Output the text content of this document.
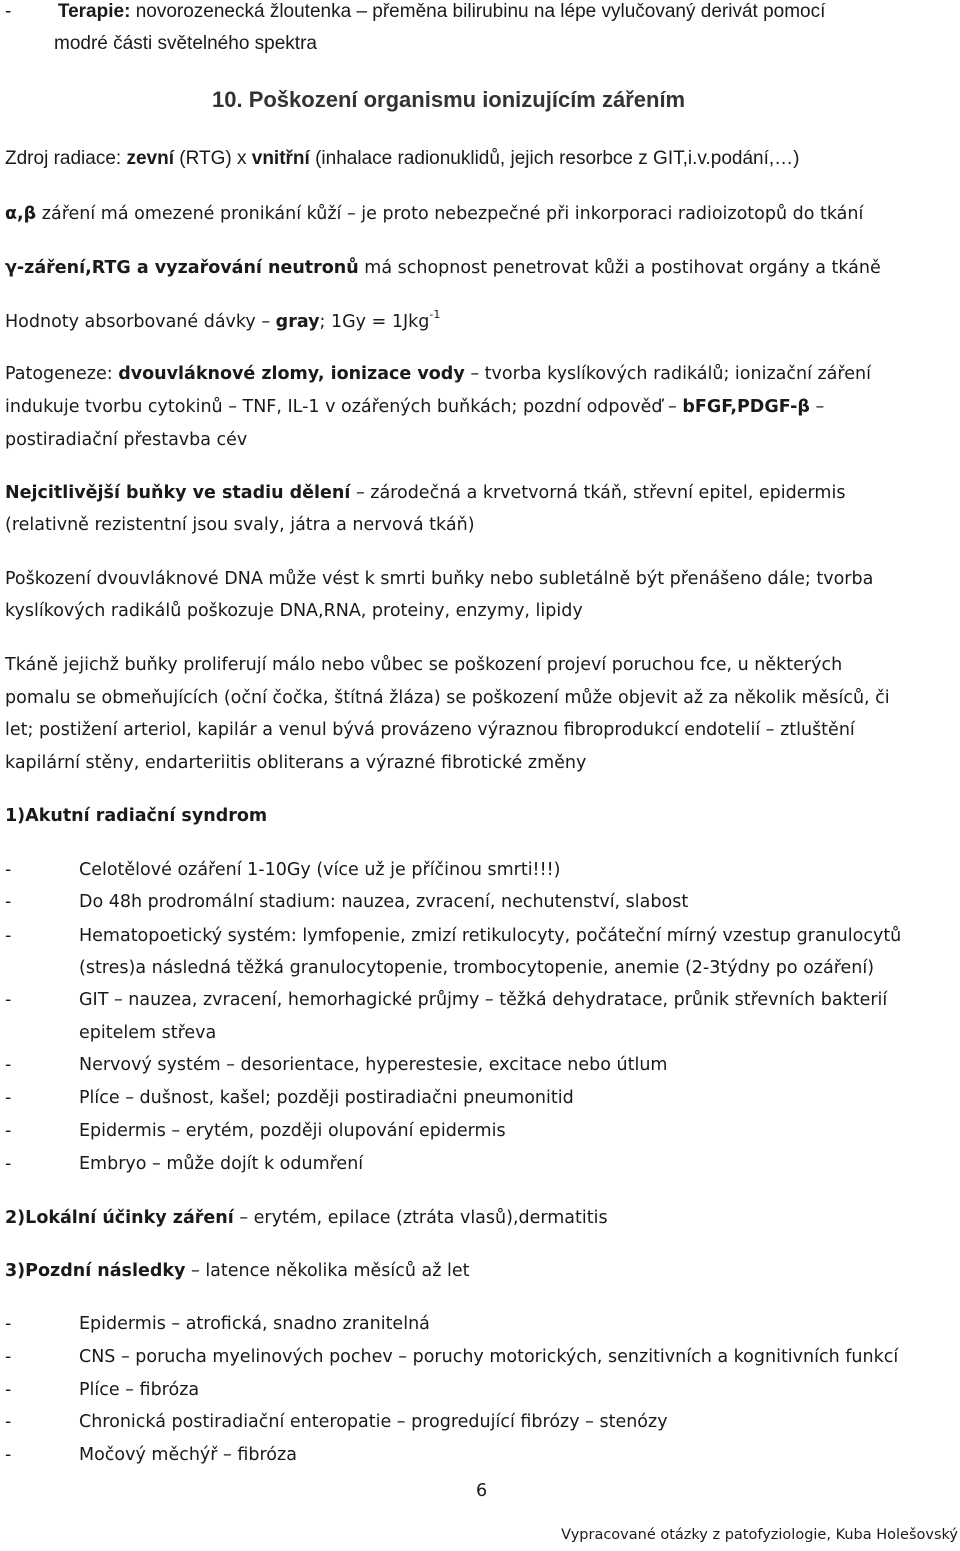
- Terapie: novorozenecká žloutenka – přeměna bilirubinu na lépe vylučovaný derivát pomocí
modré části světelného spektra
10. Poškození organismu ionizujícím zářením
Zdroj radiace: zevní (RTG) x vnitřní (inhalace radionuklidů, jejich resorbce z GIT,i.v.podání,…)
α,β záření má omezené pronikání kůží – je proto nebezpečné při inkorporaci radioizotopů do tkání
γ-záření,RTG a vyzařování neutronů má schopnost penetrovat kůži a postihovat orgány a tkáně
Hodnoty absorbované dávky – gray; 1Gy = 1Jkg$^{-1}$
Patogeneze: dvouvláknové zlomy, ionizace vody – tvorba kyslíkových radikálů; ionizační záření
indukuje tvorbu cytokinů – TNF, IL-1 v ozářených buňkách; pozdní odpověď – bFGF,PDGF-β –
postiradiační přestavba cév
Nejcitlivější buňky ve stadiu dělení – zárodečná a krvetvorná tkáň, střevní epitel, epidermis
(relativně rezistentní jsou svaly, játra a nervová tkáň)
Poškození dvouvláknové DNA může vést k smrti buňky nebo subletálně být přenášeno dále; tvorba
kyslíkových radikálů poškozuje DNA,RNA, proteiny, enzymy, lipidy
Tkáně jejichž buňky proliferují málo nebo vůbec se poškození projeví poruchou fce, u některých
pomalu se obmeňujících (oční čočka, štítná žláza) se poškození může objevit až za několik měsíců, či
let; postižení arteriol, kapilár a venul bývá provázeno výraznou fibroprodukcí endotelií – ztluštění
kapilární stěny, endarteriitis obliterans a výrazné fibrotické změny
1)Akutní radiační syndrom
-	Celotělové ozáření 1-10Gy (více už je příčinou smrti!!!)
-	Do 48h prodromální stadium: nauzea, zvracení, nechutenství, slabost
-	Hematopoetický systém: lymfopenie, zmizí retikulocyty, počáteční mírný vzestup granulocytů
(stres)a následná těžká granulocytopenie, trombocytopenie, anemie (2-3týdny po ozáření)
-	GIT – nauzea, zvracení, hemorhagické průjmy – těžká dehydratace, průnik střevních bakterií
epitelem střeva
-	Nervový systém – desorientace, hyperestesie, excitace nebo útlum
-	Plíce – dušnost, kašel; později postiradiačni pneumonitid
-	Epidermis – erytém, později olupování epidermis
-	Embryo – může dojít k odumření
2)Lokální účinky záření – erytém, epilace (ztráta vlasů),dermatitis
3)Pozdní následky – latence několika měsíců až let
-	Epidermis – atrofická, snadno zranitelná
-	CNS – porucha myelinových pochev – poruchy motorických, senzitivních a kognitivních funkcí
-	Plíce – fibróza
-	Chronická postiradiační enteropatie – progredující fibrózy – stenózy
-	Močový měchýř – fibróza
6
Vypracované otázky z patofyziologie, Kuba Holešovský
